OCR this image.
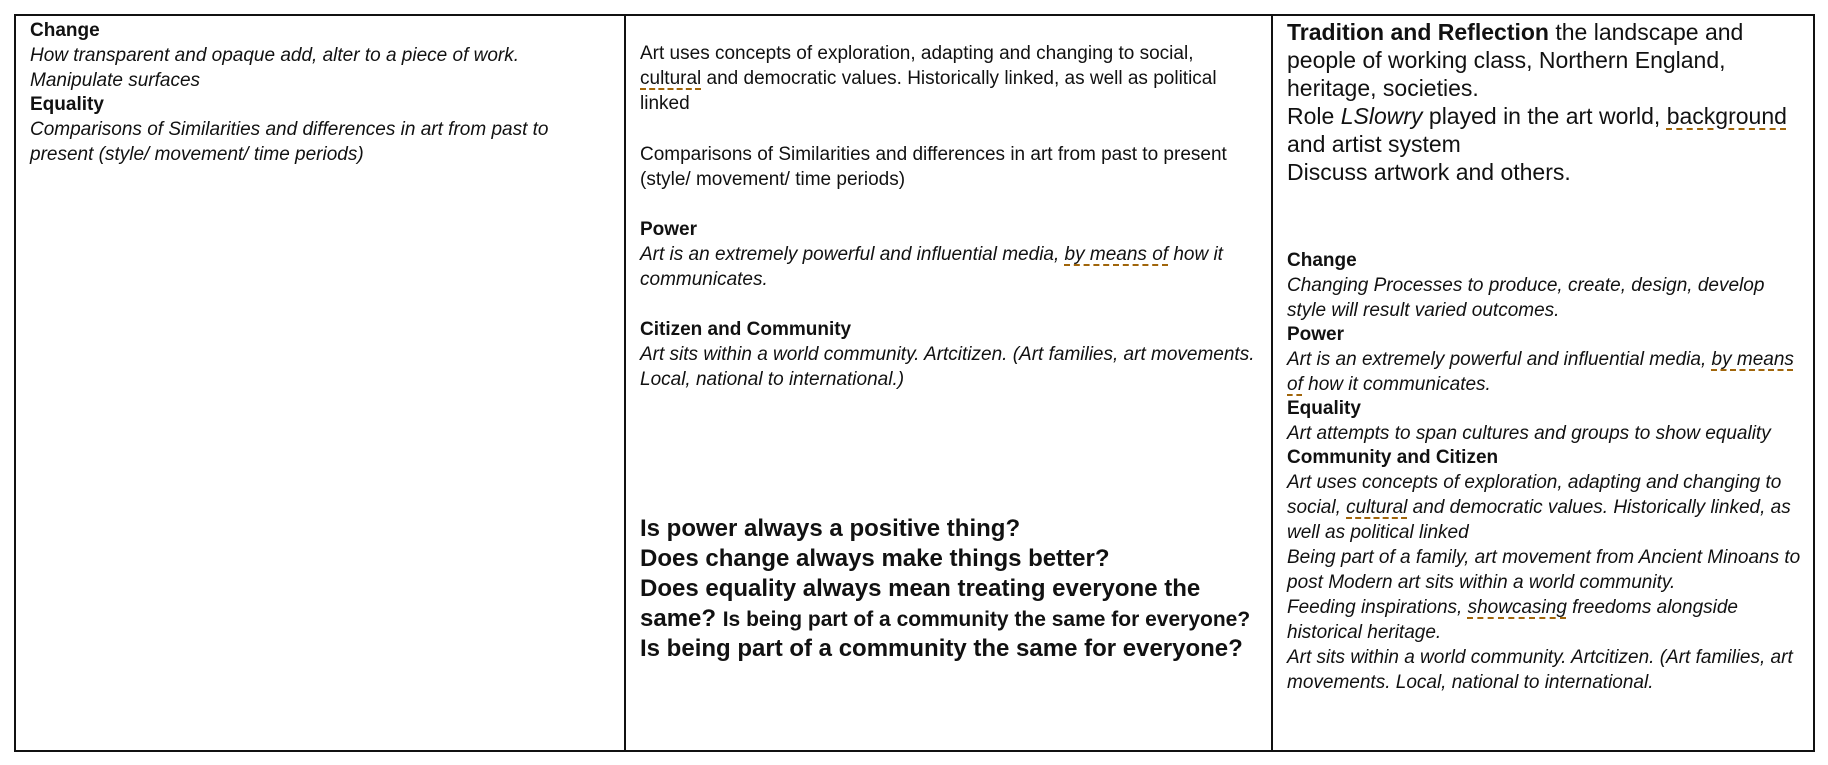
Change

How transparent and opaque add, alter to a piece of work.

Manipulate surfaces

Equality

Comparisons of Similarities and differences in art from past to present (style/ movement/ time periods)

Art uses concepts of exploration, adapting and changing to social, cultural and democratic values. Historically linked, as well as political linked

Comparisons of Similarities and differences in art from past to present (style/ movement/ time periods)

Power

Art is an extremely powerful and influential media, by means of how it communicates.

Citizen and Community

Art sits within a world community. Artcitizen. (Art families, art movements. Local, national to international.)

Is power always a positive thing?

Does change always make things better?

Does equality always mean treating everyone the same? Is being part of a community the same for everyone?

Is being part of a community the same for everyone?

Tradition and Reflection the landscape and people of working class, Northern England, heritage, societies.

Role LSlowry played in the art world, background and artist system

Discuss artwork and others.

Change

Changing Processes to produce, create, design, develop style will result varied outcomes.

Power

Art is an extremely powerful and influential media, by means of how it communicates.

Equality

Art attempts to span cultures and groups to show equality

Community and Citizen

Art uses concepts of exploration, adapting and changing to social, cultural and democratic values. Historically linked, as well as political linked

Being part of a family, art movement from Ancient Minoans to post Modern art sits within a world community.

Feeding inspirations, showcasing freedoms alongside historical heritage.

Art sits within a world community. Artcitizen. (Art families, art movements. Local, national to international.
